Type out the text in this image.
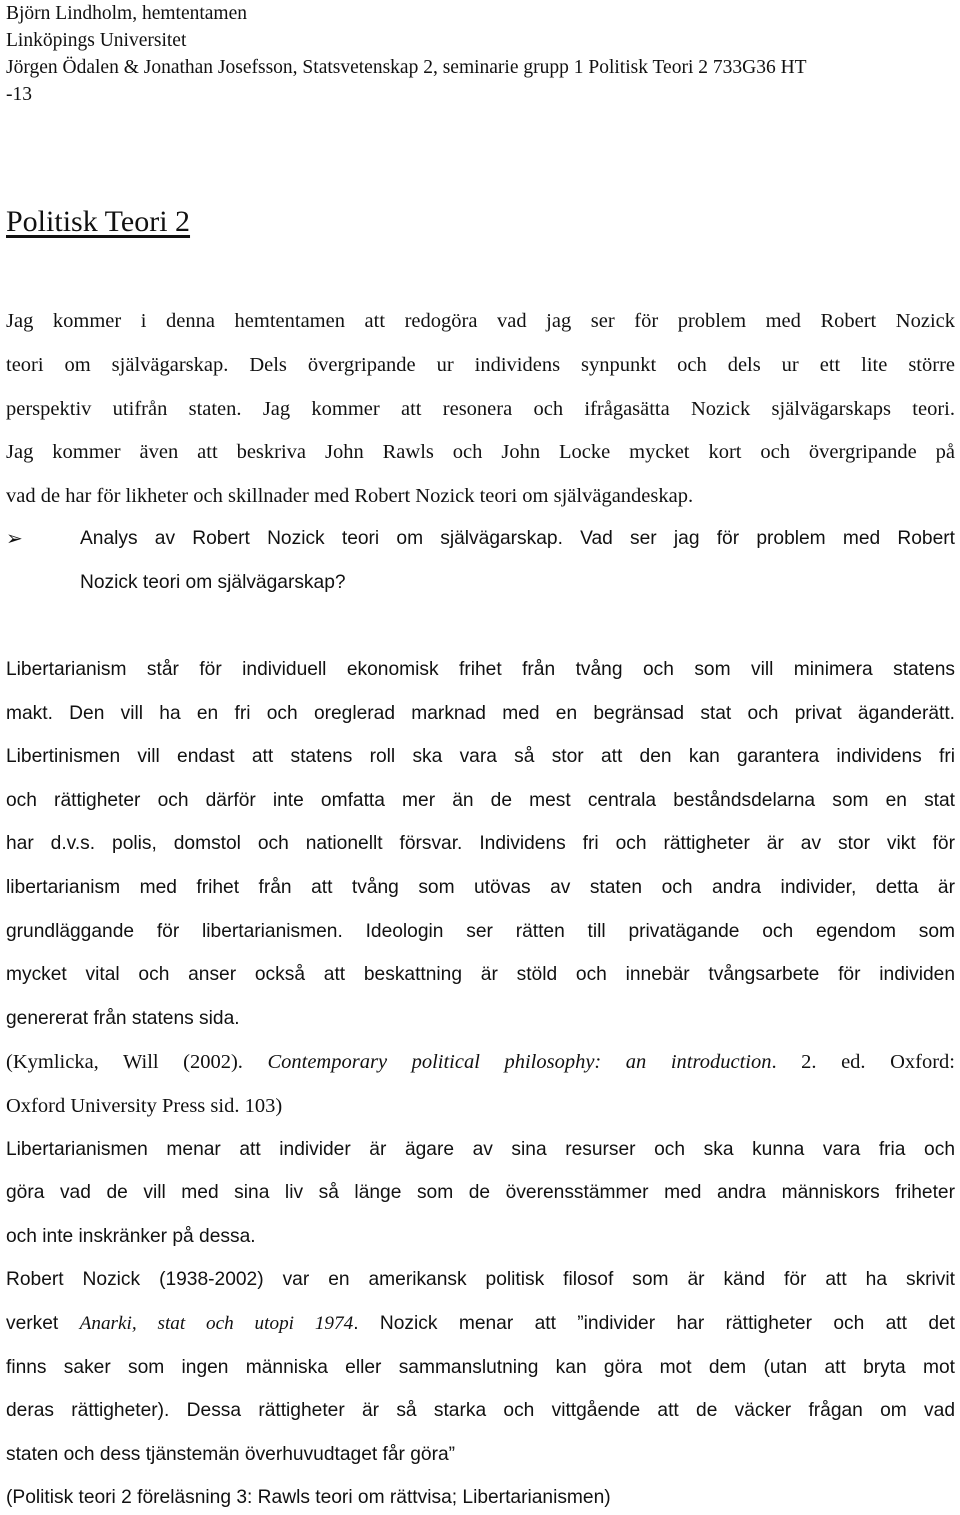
Björn Lindholm, hemtentamen
Linköpings Universitet
Jörgen Ödalen & Jonathan Josefsson, Statsvetenskap 2, seminarie grupp 1 Politisk Teori 2 733G36 HT
-13
Politisk Teori 2
Jag kommer i denna hemtentamen att redogöra vad jag ser för problem med Robert Nozick
teori om självägarskap. Dels övergripande ur individens synpunkt och dels ur ett lite större
perspektiv utifrån staten. Jag kommer att resonera och ifrågasätta Nozick självägarskaps teori.
Jag kommer även att beskriva John Rawls och John Locke mycket kort och övergripande på
vad de har för likheter och skillnader med Robert Nozick teori om självägandeskap.
➢	Analys av Robert Nozick teori om självägarskap. Vad ser jag för problem med Robert
Nozick teori om självägarskap?
Libertarianism står för individuell ekonomisk frihet från tvång och som vill minimera statens
makt. Den vill ha en fri och oreglerad marknad med en begränsad stat och privat äganderätt.
Libertinismen vill endast att statens roll ska vara så stor att den kan garantera individens fri
och rättigheter och därför inte omfatta mer än de mest centrala beståndsdelarna som en stat
har d.v.s. polis, domstol och nationellt försvar. Individens fri och rättigheter är av stor vikt för
libertarianism med frihet från att tvång som utövas av staten och andra individer, detta är
grundläggande för libertarianismen. Ideologin ser rätten till privatägande och egendom som
mycket vital och anser också att beskattning är stöld och innebär tvångsarbete för individen
genererat från statens sida.
(Kymlicka, Will (2002). Contemporary political philosophy: an introduction. 2. ed. Oxford:
Oxford University Press sid. 103)
Libertarianismen menar att individer är ägare av sina resurser och ska kunna vara fria och
göra vad de vill med sina liv så länge som de överensstämmer med andra människors friheter
och inte inskränker på dessa.
Robert Nozick (1938-2002) var en amerikansk politisk filosof som är känd för att ha skrivit
verket Anarki, stat och utopi 1974. Nozick menar att ”individer har rättigheter och att det
finns saker som ingen människa eller sammanslutning kan göra mot dem (utan att bryta mot
deras rättigheter). Dessa rättigheter är så starka och vittgående att de väcker frågan om vad
staten och dess tjänstemän överhuvudtaget får göra”
(Politisk teori 2 föreläsning 3: Rawls teori om rättvisa; Libertarianismen)
